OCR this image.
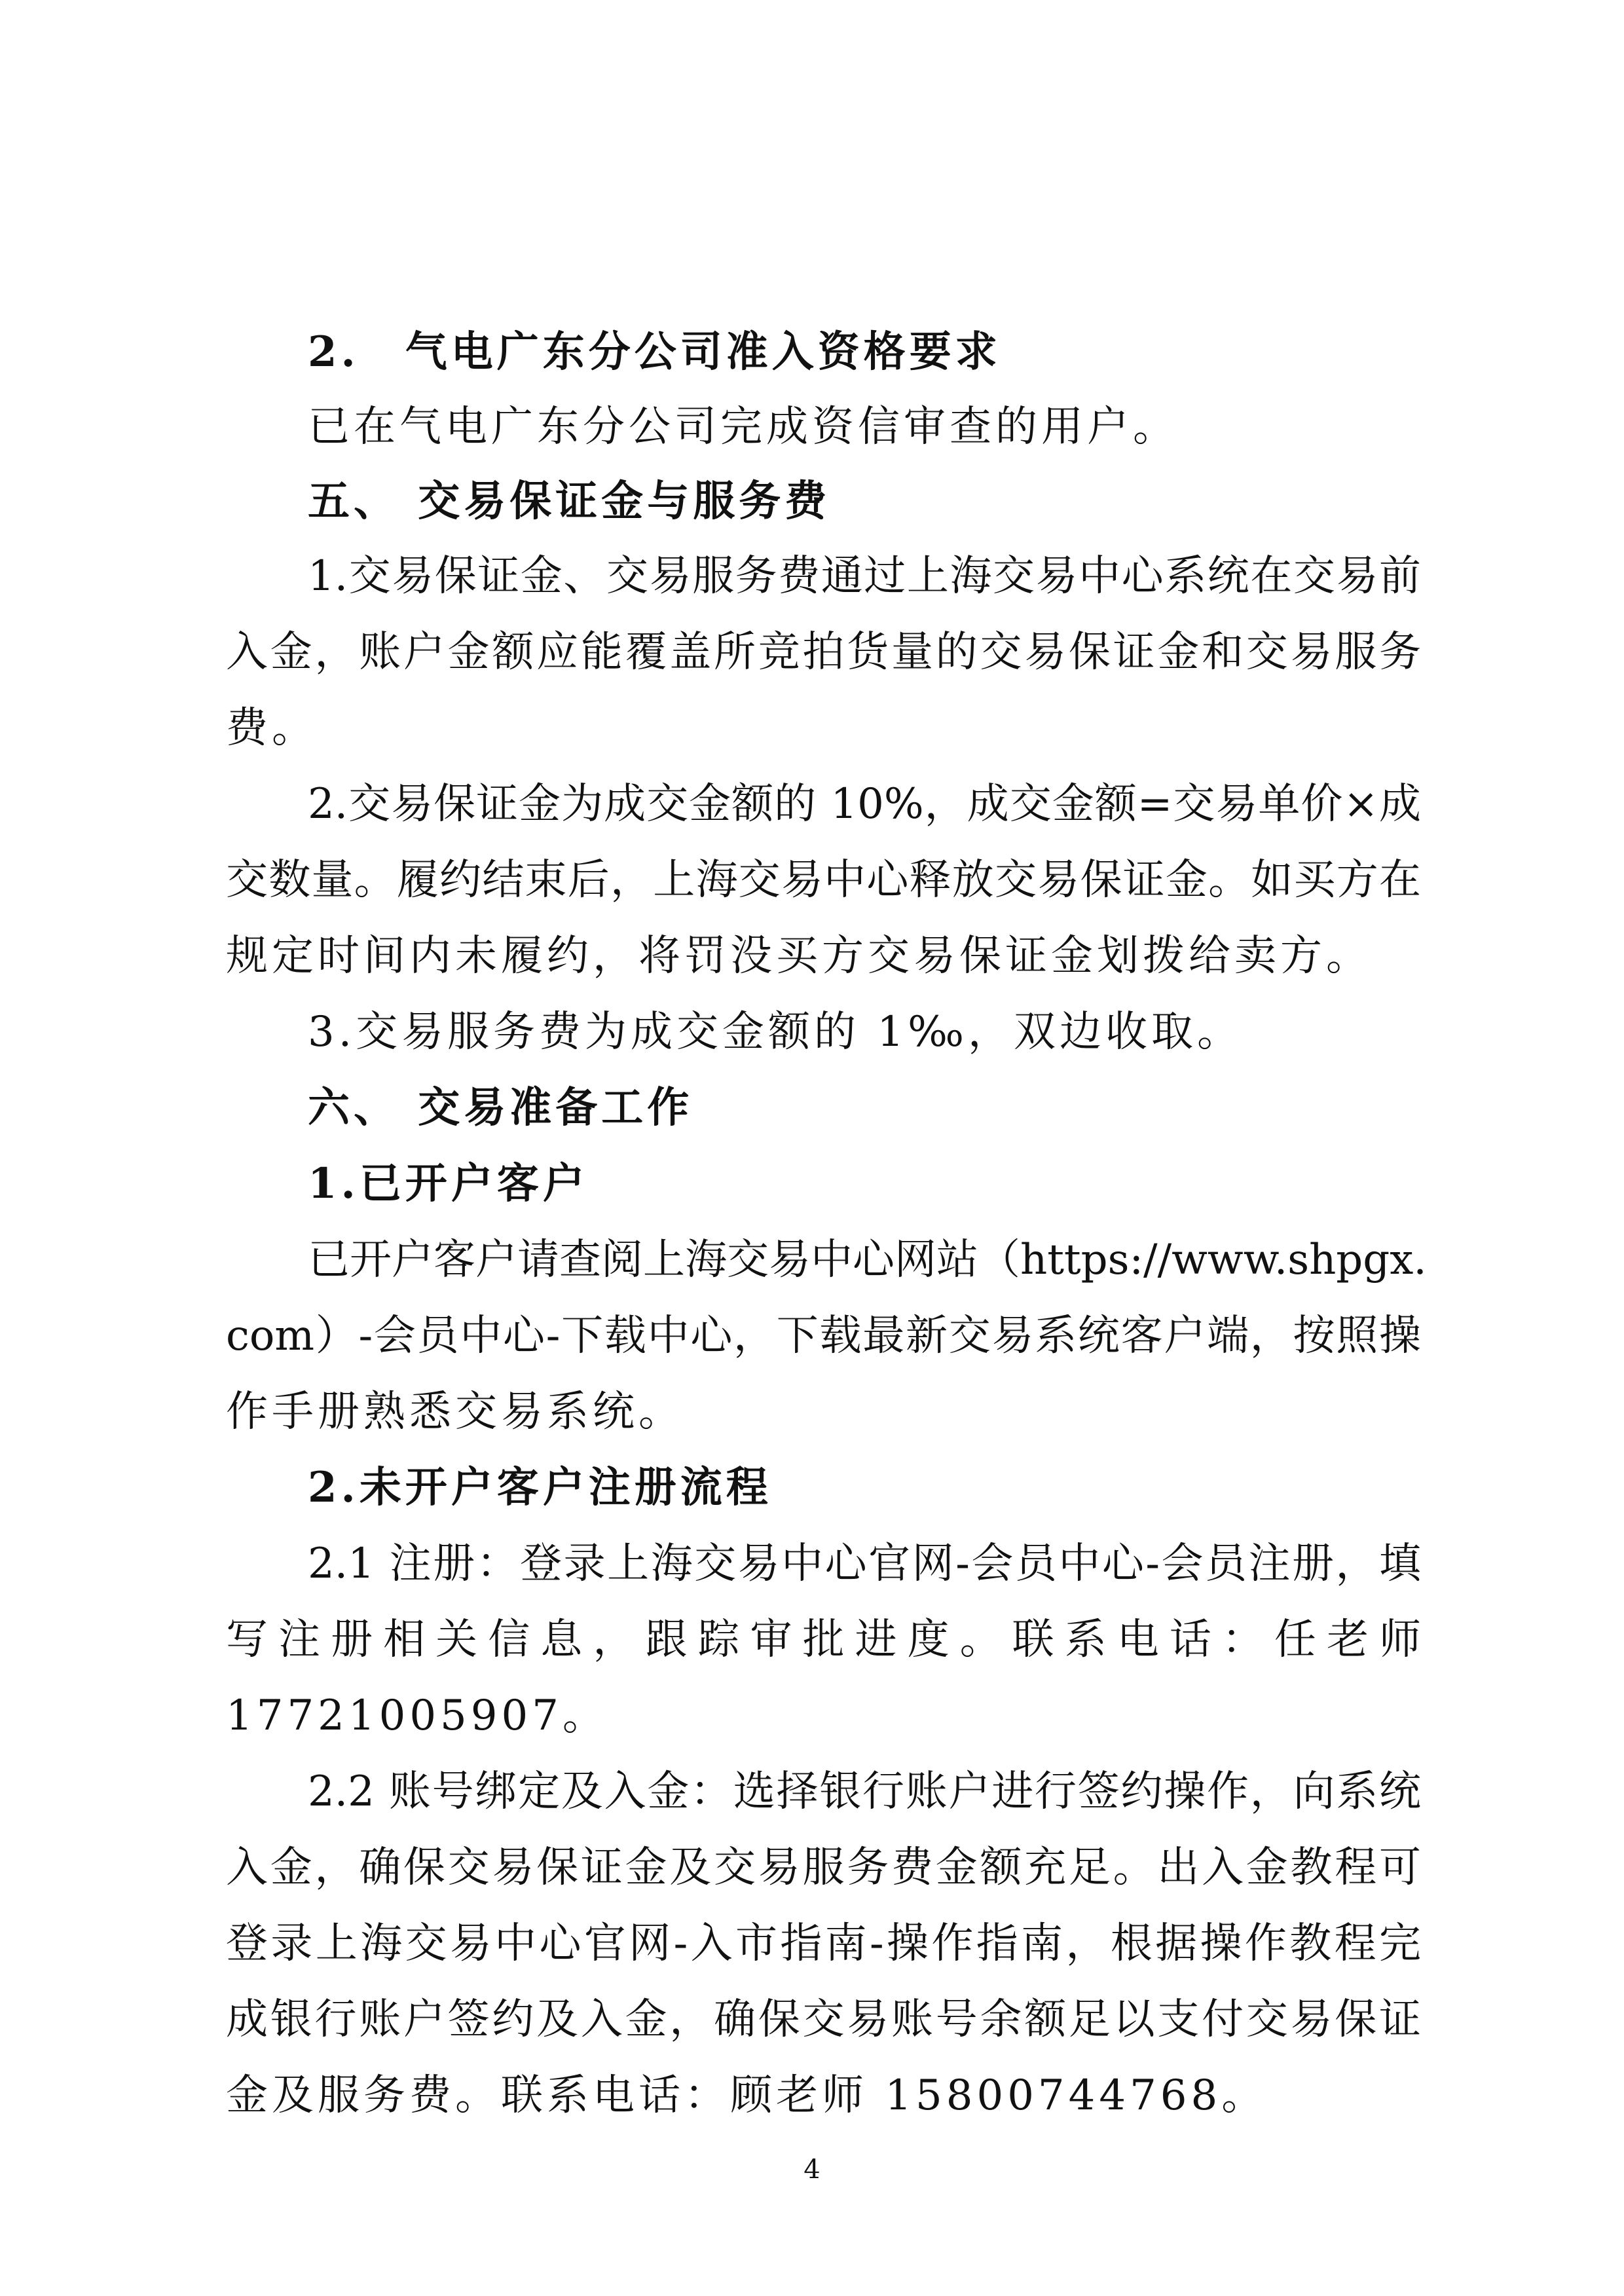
2.　气电广东分公司准入资格要求
已在气电广东分公司完成资信审查的用户。
五、 交易保证金与服务费
1.交易保证金、交易服务费通过上海交易中心系统在交易前
入金，账户金额应能覆盖所竞拍货量的交易保证金和交易服务
费。
2.交易保证金为成交金额的 10%，成交金额=交易单价×成
交数量。履约结束后，上海交易中心释放交易保证金。如买方在
规定时间内未履约，将罚没买方交易保证金划拨给卖方。
3.交易服务费为成交金额的 1‰，双边收取。
六、 交易准备工作
1.已开户客户
已开户客户请查阅上海交易中心网站（https://www.shpgx.
com）-会员中心-下载中心，下载最新交易系统客户端，按照操
作手册熟悉交易系统。
2.未开户客户注册流程
2.1 注册：登录上海交易中心官网-会员中心-会员注册，填
写注册相关信息，跟踪审批进度。联系电话：任老师
17721005907。
2.2 账号绑定及入金：选择银行账户进行签约操作，向系统
入金，确保交易保证金及交易服务费金额充足。出入金教程可
登录上海交易中心官网-入市指南-操作指南，根据操作教程完
成银行账户签约及入金，确保交易账号余额足以支付交易保证
金及服务费。联系电话：顾老师 15800744768。
4
